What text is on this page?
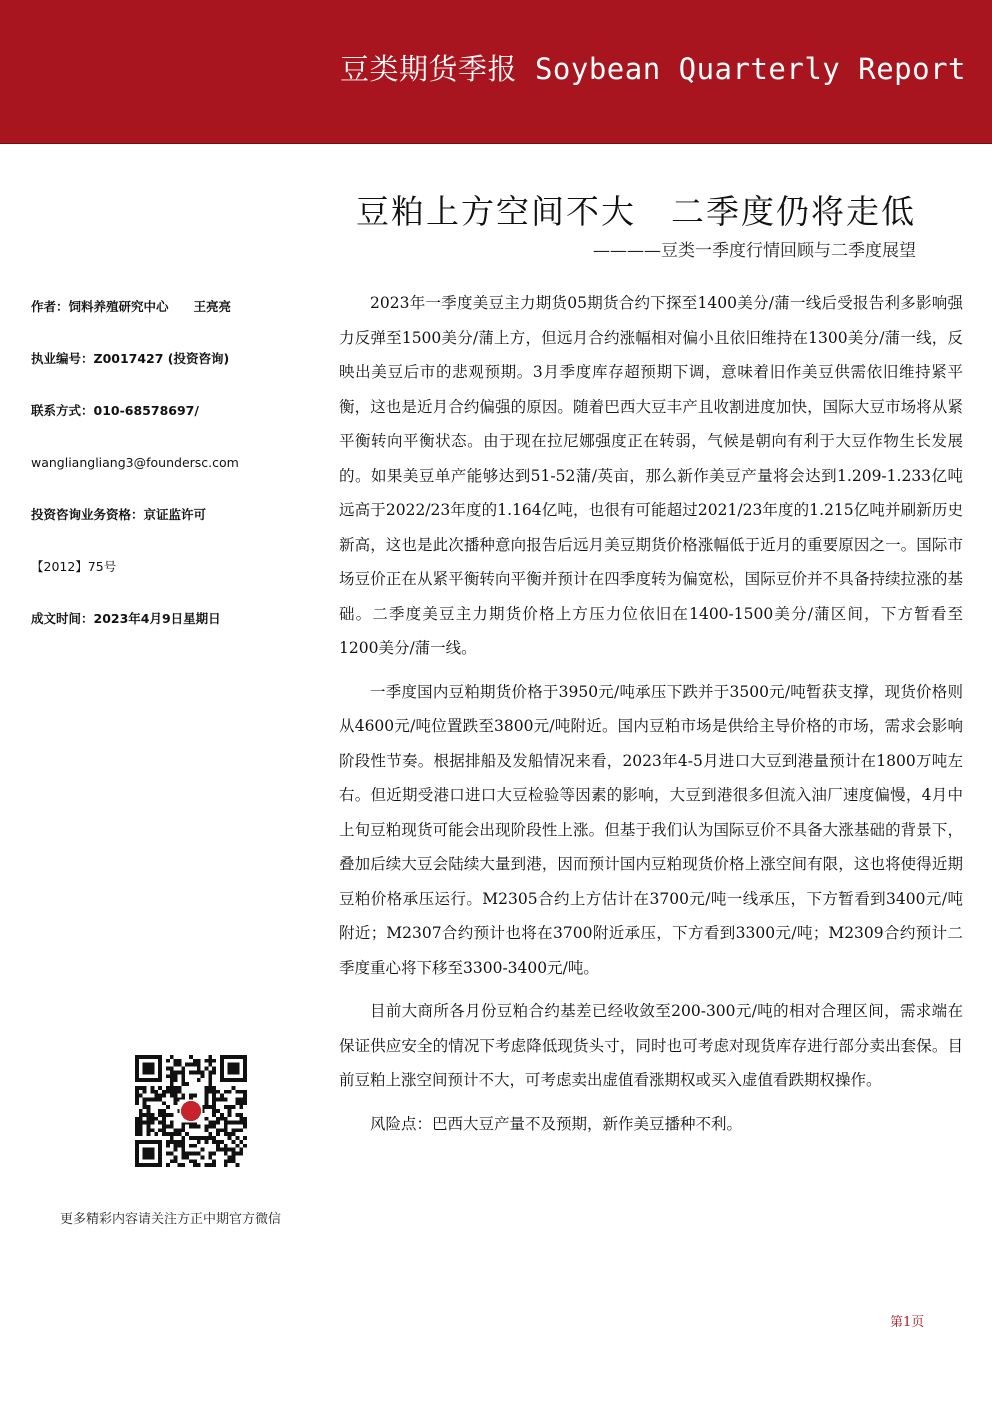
豆类期货季报 Soybean Quarterly Report
豆粕上方空间不大　二季度仍将走低
————豆类一季度行情回顾与二季度展望
作者：饲料养殖研究中心　　王亮亮
执业编号：Z0017427 (投资咨询)
联系方式：010-68578697/
wangliangliang3@foundersc.com
投资咨询业务资格：京证监许可
【2012】75号
成文时间：2023年4月9日星期日
更多精彩内容请关注方正中期官方微信

2023年一季度美豆主力期货05期货合约下探至1400美分/蒲一线后受报告利多影响强力反弹至1500美分/蒲上方，但远月合约涨幅相对偏小且依旧维持在1300美分/蒲一线，反映出美豆后市的悲观预期。3月季度库存超预期下调，意味着旧作美豆供需依旧维持紧平衡，这也是近月合约偏强的原因。随着巴西大豆丰产且收割进度加快，国际大豆市场将从紧平衡转向平衡状态。由于现在拉尼娜强度正在转弱，气候是朝向有利于大豆作物生长发展的。如果美豆单产能够达到51-52蒲/英亩，那么新作美豆产量将会达到1.209-1.233亿吨远高于2022/23年度的1.164亿吨，也很有可能超过2021/23年度的1.215亿吨并刷新历史新高，这也是此次播种意向报告后远月美豆期货价格涨幅低于近月的重要原因之一。国际市场豆价正在从紧平衡转向平衡并预计在四季度转为偏宽松，国际豆价并不具备持续拉涨的基础。二季度美豆主力期货价格上方压力位依旧在1400-1500美分/蒲区间，下方暂看至1200美分/蒲一线。

一季度国内豆粕期货价格于3950元/吨承压下跌并于3500元/吨暂获支撑，现货价格则从4600元/吨位置跌至3800元/吨附近。国内豆粕市场是供给主导价格的市场，需求会影响阶段性节奏。根据排船及发船情况来看，2023年4-5月进口大豆到港量预计在1800万吨左右。但近期受港口进口大豆检验等因素的影响，大豆到港很多但流入油厂速度偏慢，4月中上旬豆粕现货可能会出现阶段性上涨。但基于我们认为国际豆价不具备大涨基础的背景下，叠加后续大豆会陆续大量到港，因而预计国内豆粕现货价格上涨空间有限，这也将使得近期豆粕价格承压运行。M2305合约上方估计在3700元/吨一线承压，下方暂看到3400元/吨附近；M2307合约预计也将在3700附近承压，下方看到3300元/吨；M2309合约预计二季度重心将下移至3300-3400元/吨。

目前大商所各月份豆粕合约基差已经收敛至200-300元/吨的相对合理区间，需求端在保证供应安全的情况下考虑降低现货头寸，同时也可考虑对现货库存进行部分卖出套保。目前豆粕上涨空间预计不大，可考虑卖出虚值看涨期权或买入虚值看跌期权操作。

风险点：巴西大豆产量不及预期，新作美豆播种不利。

第1页
